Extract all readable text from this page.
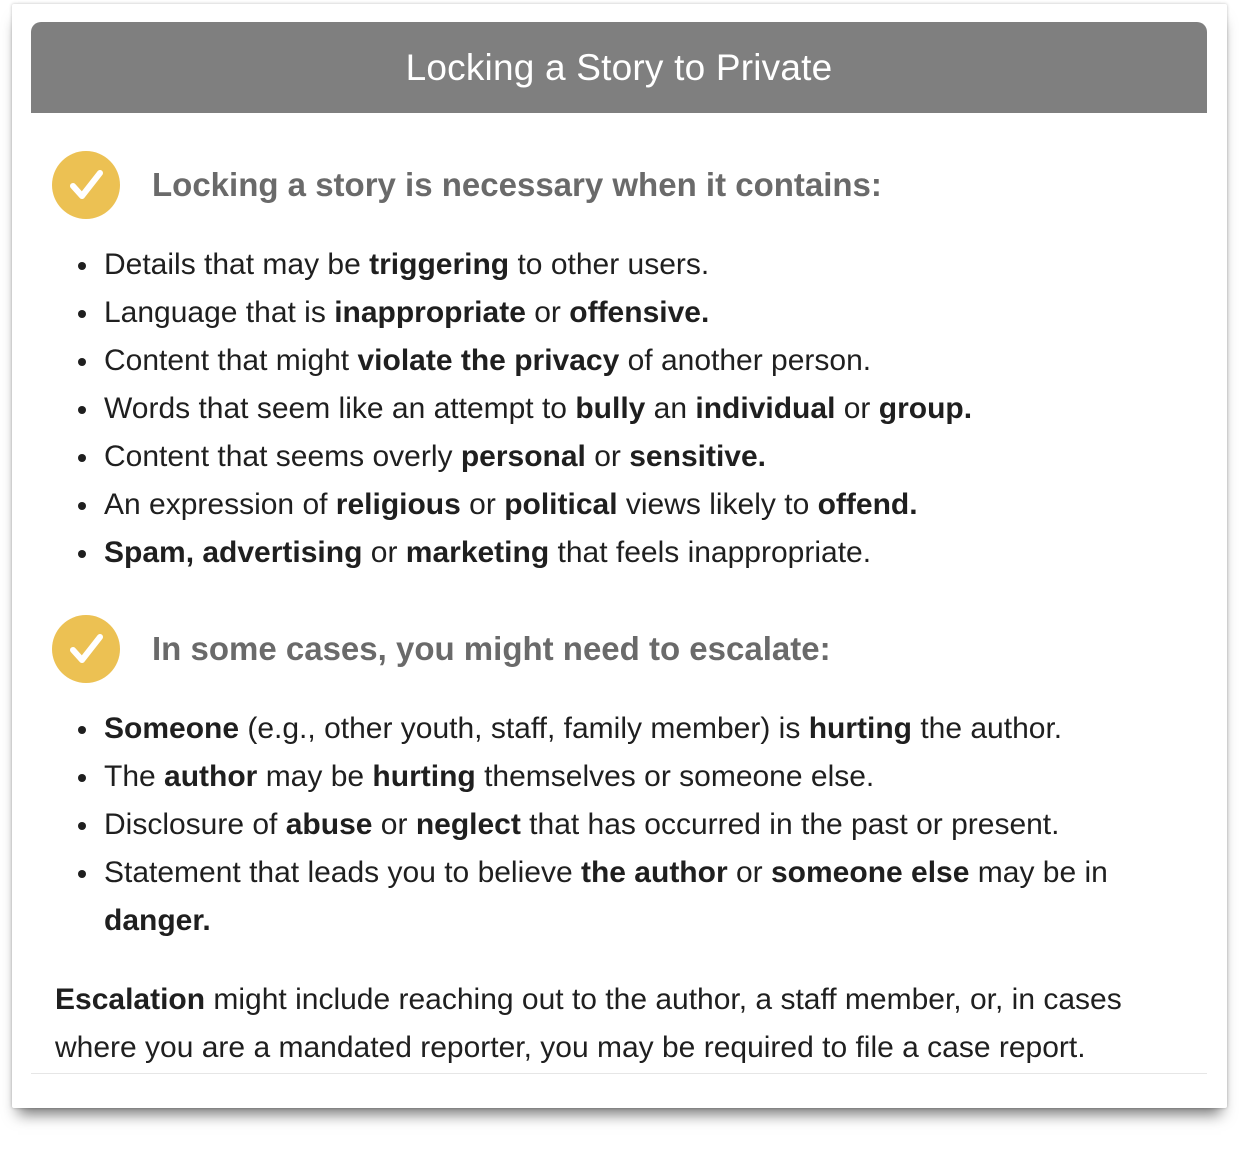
Locking a Story to Private
Locking a story is necessary when it contains:
Details that may be triggering to other users.
Language that is inappropriate or offensive.
Content that might violate the privacy of another person.
Words that seem like an attempt to bully an individual or group.
Content that seems overly personal or sensitive.
An expression of religious or political views likely to offend.
Spam, advertising or marketing that feels inappropriate.
In some cases, you might need to escalate:
Someone (e.g., other youth, staff, family member) is hurting the author.
The author may be hurting themselves or someone else.
Disclosure of abuse or neglect that has occurred in the past or present.
Statement that leads you to believe the author or someone else may be in danger.
Escalation might include reaching out to the author, a staff member, or, in cases where you are a mandated reporter, you may be required to file a case report.
